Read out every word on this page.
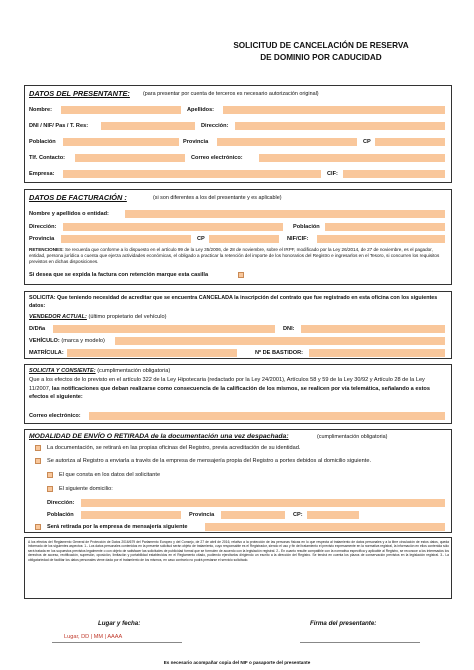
SOLICITUD DE CANCELACIÓN DE RESERVA
DE DOMINIO POR CADUCIDAD
DATOS DEL PRESENTANTE: (para presentar por cuenta de terceros es necesario autorización original)
Nombre:	Apellidos:
DNI / NIF/ Pas / T. Res:	Dirección:
Población	Provincia	CP
Tlf. Contacto:	Correo electrónico:
Empresa:	CIF:
DATOS DE FACTURACIÓN :	(si son diferentes a los del presentante y es aplicable)
Nombre y apellidos o entidad:
Dirección:	Población
Provincia	CP	NIF/CIF:
RETENCIONES: Se recuerda que conforme a lo dispuesto en el artículo 99 de la Ley 35/2006, de 28 de noviembre, sobre el IRPF, modificado por la Ley 26/2014, de 27 de noviembre, es el pagador, entidad, persona jurídica o cuenta que ejerza actividades económicas, el obligado a practicar la retención del importe de los honorarios del Registro e ingresarlos en el Tesoro, si concurren los requisitos previstos en dichas disposiciones.
Si desea que se expida la factura con retención marque esta casilla
SOLICITA: Que teniendo necesidad de acreditar que se encuentra CANCELADA la inscripción del contrato que fue registrado en esta oficina con los siguientes datos:
VENDEDOR ACTUAL: (último propietario del vehículo)
D/Dña	DNI:
VEHÍCULO: (marca y modelo)
MATRÍCULA:	Nº DE BASTIDOR:
SOLICITA Y CONSIENTE: (cumplimentación obligatoria)
Que a los efectos de lo previsto en el artículo 322 de la Ley Hipotecaria (redactado por la Ley 24/2001), Artículos 58 y 59 de la Ley 30/92 y Artículo 28 de la Ley 11/2007, las notificaciones que deban realizarse como consecuencia de la calificación de los mismos, se realicen por vía telemática, señalando a estos efectos el siguiente:
Correo electrónico:
MODALIDAD DE ENVÍO O RETIRADA de la documentación una vez despachada:	(cumplimentación obligatoria)
La documentación, se retirará en las propias oficinas del Registro, previa acreditación de su identidad.
Se autoriza al Registro a enviarla a través de la empresa de mensajería propia del Registro a portes debidos al domicilio siguiente.
El que consta en los datos del solicitante
El siguiente domicilio:
Dirección:
Población	Provincia	CP:
Será retirada por la empresa de mensajería siguiente
A los efectos del Reglamento General de Protección de Datos 2016/679 del Parlamento Europeo y del Consejo, de 27 de abril de 2016, relativo a la protección de las personas físicas en lo que respecta al tratamiento de datos personales y a la libre circulación de estos datos, queda informado de los siguientes aspectos: 1.- Los datos personales contenidos en la presente solicitud serán objeto de tratamiento, cuyo responsable es el Registrador, siendo el uso y fin del tratamiento el previsto expresamente en la normativa registral, la información en ellos contenida sólo será tratada en los supuestos previstos legalmente o con objeto de satisfacer las solicitudes de publicidad formal que se formulen de acuerdo con la legislación registral. 2.- En cuanto resulte compatible con la normativa específica y aplicable al Registro, se reconoce a los interesados los derechos de acceso, rectificación, supresión, oposición, limitación y portabilidad establecidos en el Reglamento citado, pudiendo ejercitarlos dirigiendo un escrito a la dirección del Registro. Se tendrá en cuenta los plazos de conservación previstos en la legislación registral. 3.- La obligatoriedad de facilitar los datos personales viene dada por el tratamiento de los mismos, en caso contrario no podrá prestarse el servicio solicitado.
Lugar y fecha:	Firma del presentante:
Lugar, DD | MM | AAAA
Es necesario acompañar copia del NIF o pasaporte del presentante
